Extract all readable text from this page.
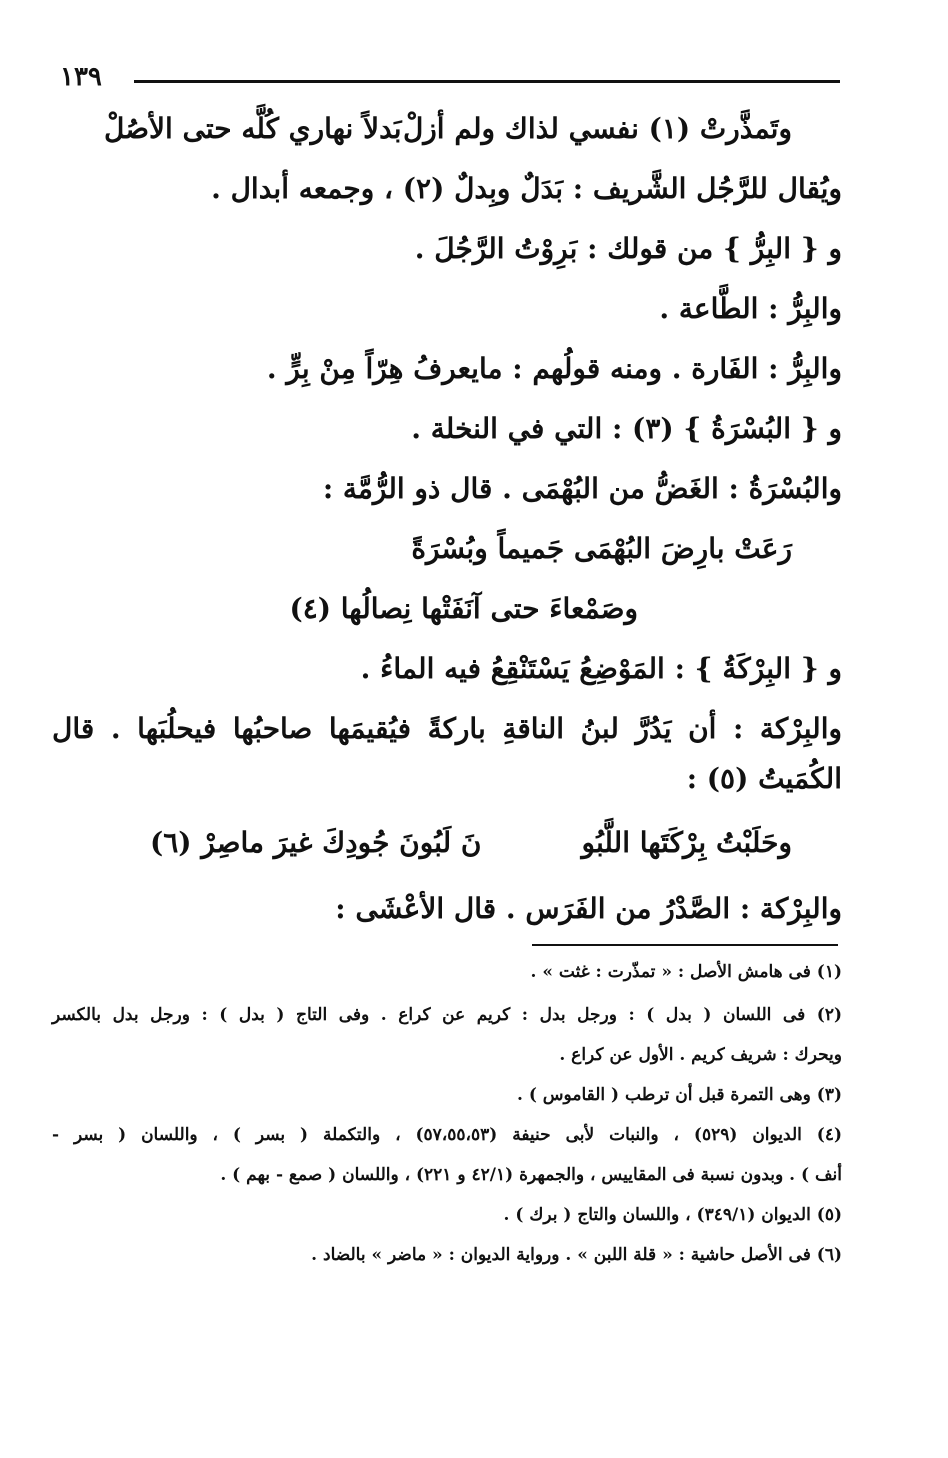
١٣٩
وتَمذَّرتْ (١) نفسي لذاك ولم أزلْ
بَدلاً نهاري كُلَّه حتى الأصُلْ
ويُقال للرَّجُل الشَّريف : بَدَلٌ وبِدلٌ (٢) ، وجمعه أبدال .
و { البِرُّ } من قولك : بَرِوْتُ الرَّجُلَ .
والبِرُّ : الطَّاعة .
والبِرُّ : الفَارة . ومنه قولُهم : مايعرفُ هِرّاً مِنْ بِرٍّ .
و { البُسْرَةُ } (٣) : التي في النخلة .
والبُسْرَةُ : الغَضُّ من البُهْمَى . قال ذو الرُّمَّة :
رَعَتْ بارِضَ البُهْمَى جَميماً وبُسْرَةً
وصَمْعاءَ حتى آنَفَتْها نِصالُها (٤)
و { البِرْكَةُ } : المَوْضِعُ يَسْتَنْقِعُ فيه الماءُ .
والبِرْكة : أن يَدُرَّ لبنُ الناقةِ باركةً فيُقيمَها صاحبُها فيحلُبَها . قال
الكُمَيتُ (٥) :
وحَلَبْتُ بِرْكَتَها اللَّبُو
نَ لَبُونَ جُودِكَ غيرَ ماصِرْ (٦)
والبِرْكة : الصَّدْرُ من الفَرَس . قال الأعْشَى :
(١) فى هامش الأصل : « تمذّرت : غثت » .
(٢) فى اللسان ( بدل ) : ورجل بدل : كريم عن كراع . وفى التاج ( بدل ) : ورجل بدل بالكسر
ويحرك : شريف كريم . الأول عن كراع .
(٣) وهى التمرة قبل أن ترطب ( القاموس ) .
(٤) الديوان (٥٢٩) ، والنبات لأبى حنيفة (٥٧،٥٥،٥٣) ، والتكملة ( بسر ) ، واللسان ( بسر -
أنف ) . وبدون نسبة فى المقاييس ، والجمهرة (٤٢/١ و ٢٢١) ، واللسان ( صمع - بهم ) .
(٥) الديوان (٣٤٩/١) ، واللسان والتاج ( برك ) .
(٦) فى الأصل حاشية : « قلة اللبن » . ورواية الديوان : « ماضر » بالضاد .
